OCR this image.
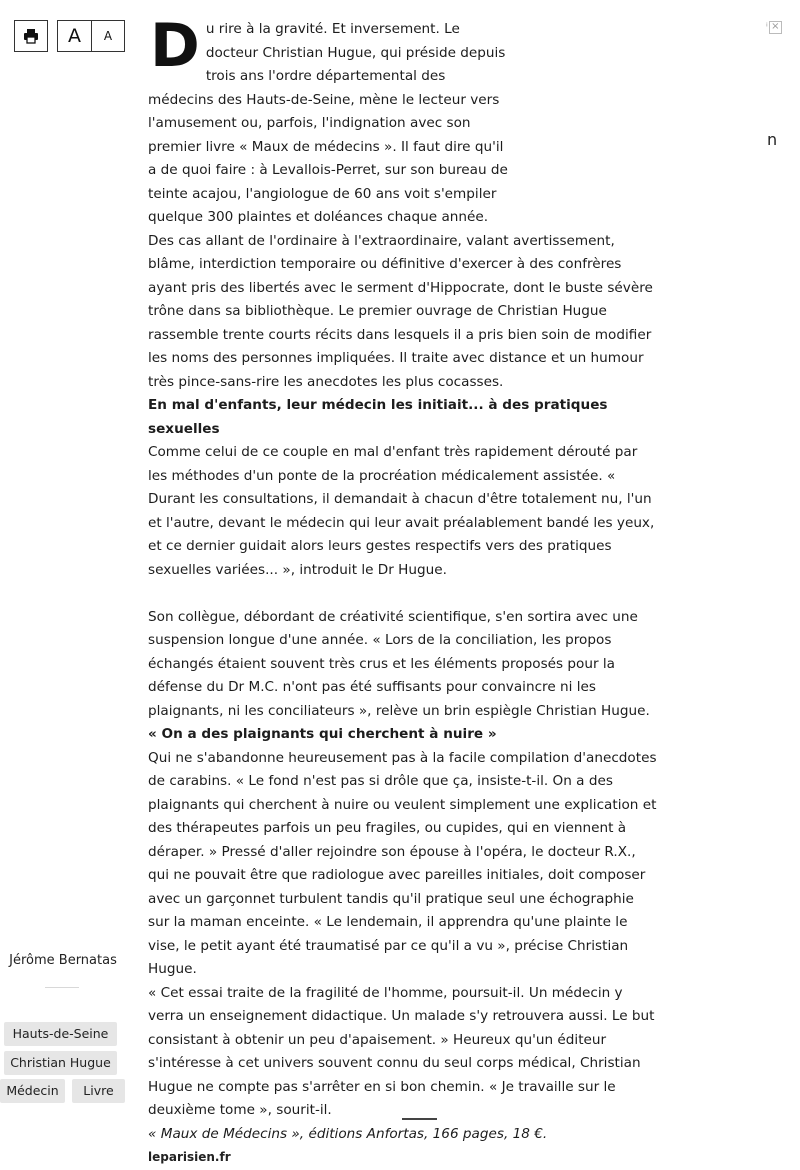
A	A
ⁱ ×
n

Du rire à la gravité. Et inversement. Le docteur Christian Hugue, qui préside depuis trois ans l'ordre départemental des médecins des Hauts-de-Seine, mène le lecteur vers l'amusement ou, parfois, l'indignation avec son premier livre « Maux de médecins ». Il faut dire qu'il a de quoi faire : à Levallois-Perret, sur son bureau de teinte acajou, l'angiologue de 60 ans voit s'empiler quelque 300 plaintes et doléances chaque année.

Des cas allant de l'ordinaire à l'extraordinaire, valant avertissement, blâme, interdiction temporaire ou définitive d'exercer à des confrères ayant pris des libertés avec le serment d'Hippocrate, dont le buste sévère trône dans sa bibliothèque. Le premier ouvrage de Christian Hugue rassemble trente courts récits dans lesquels il a pris bien soin de modifier les noms des personnes impliquées. Il traite avec distance et un humour très pince-sans-rire les anecdotes les plus cocasses.

En mal d'enfants, leur médecin les initiait... à des pratiques sexuelles

Comme celui de ce couple en mal d'enfant très rapidement dérouté par les méthodes d'un ponte de la procréation médicalement assistée. « Durant les consultations, il demandait à chacun d'être totalement nu, l'un et l'autre, devant le médecin qui leur avait préalablement bandé les yeux, et ce dernier guidait alors leurs gestes respectifs vers des pratiques sexuelles variées... », introduit le Dr Hugue.

Son collègue, débordant de créativité scientifique, s'en sortira avec une suspension longue d'une année. « Lors de la conciliation, les propos échangés étaient souvent très crus et les éléments proposés pour la défense du Dr M.C. n'ont pas été suffisants pour convaincre ni les plaignants, ni les conciliateurs », relève un brin espiègle Christian Hugue.

« On a des plaignants qui cherchent à nuire »

Qui ne s'abandonne heureusement pas à la facile compilation d'anecdotes de carabins. « Le fond n'est pas si drôle que ça, insiste-t-il. On a des plaignants qui cherchent à nuire ou veulent simplement une explication et des thérapeutes parfois un peu fragiles, ou cupides, qui en viennent à déraper. » Pressé d'aller rejoindre son épouse à l'opéra, le docteur R.X., qui ne pouvait être que radiologue avec pareilles initiales, doit composer avec un garçonnet turbulent tandis qu'il pratique seul une échographie sur la maman enceinte. « Le lendemain, il apprendra qu'une plainte le vise, le petit ayant été traumatisé par ce qu'il a vu », précise Christian Hugue.

« Cet essai traite de la fragilité de l'homme, poursuit-il. Un médecin y verra un enseignement didactique. Un malade s'y retrouvera aussi. Le but consistant à obtenir un peu d'apaisement. » Heureux qu'un éditeur s'intéresse à cet univers souvent connu du seul corps médical, Christian Hugue ne compte pas s'arrêter en si bon chemin. « Je travaille sur le deuxième tome », sourit-il.

« Maux de Médecins », éditions Anfortas, 166 pages, 18 €.

leparisien.fr

Jérôme Bernatas
Hauts-de-Seine
Christian Hugue
Médecin	Livre
